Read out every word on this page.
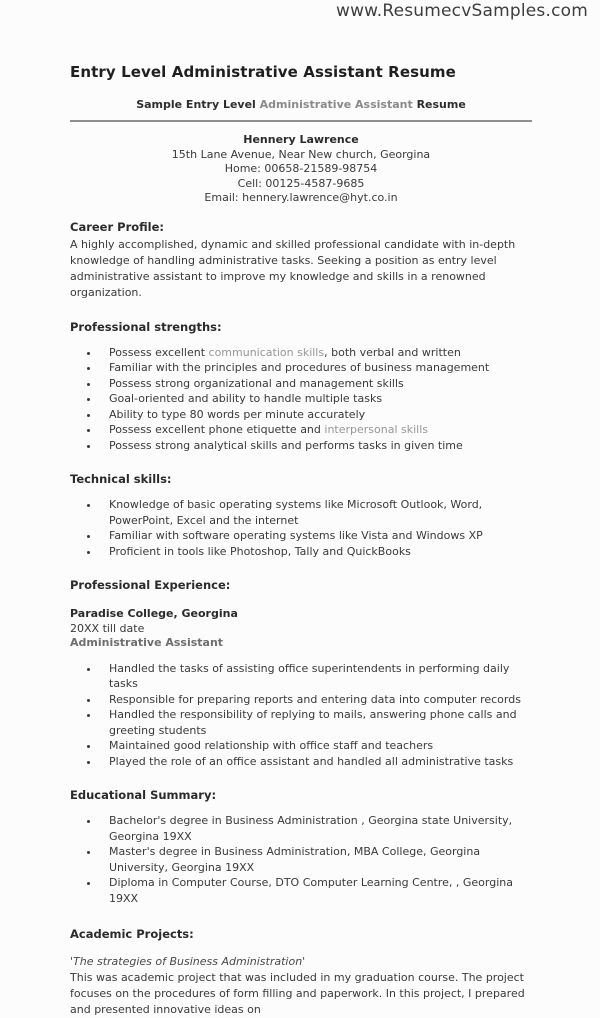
www.ResumecvSamples.com
Entry Level Administrative Assistant Resume
Sample Entry Level Administrative Assistant Resume
Hennery Lawrence
15th Lane Avenue, Near New church, Georgina
Home: 00658-21589-98754
Cell: 00125-4587-9685
Email: hennery.lawrence@hyt.co.in
Career Profile:

A highly accomplished, dynamic and skilled professional candidate with in-depth knowledge of handling administrative tasks. Seeking a position as entry level administrative assistant to improve my knowledge and skills in a renowned organization.

Professional strengths:
• Possess excellent communication skills, both verbal and written
• Familiar with the principles and procedures of business management
• Possess strong organizational and management skills
• Goal-oriented and ability to handle multiple tasks
• Ability to type 80 words per minute accurately
• Possess excellent phone etiquette and interpersonal skills
• Possess strong analytical skills and performs tasks in given time
Technical skills:
• Knowledge of basic operating systems like Microsoft Outlook, Word, PowerPoint, Excel and the internet
• Familiar with software operating systems like Vista and Windows XP
• Proficient in tools like Photoshop, Tally and QuickBooks
Professional Experience:
Paradise College, Georgina
20XX till date
Administrative Assistant
• Handled the tasks of assisting office superintendents in performing daily tasks
• Responsible for preparing reports and entering data into computer records
• Handled the responsibility of replying to mails, answering phone calls and greeting students
• Maintained good relationship with office staff and teachers
• Played the role of an office assistant and handled all administrative tasks
Educational Summary:
• Bachelor's degree in Business Administration , Georgina state University, Georgina 19XX
• Master's degree in Business Administration, MBA College, Georgina University, Georgina 19XX
• Diploma in Computer Course, DTO Computer Learning Centre, , Georgina 19XX
Academic Projects:
'The strategies of Business Administration'

This was academic project that was included in my graduation course. The project focuses on the procedures of form filling and paperwork. In this project, I prepared and presented innovative ideas on
